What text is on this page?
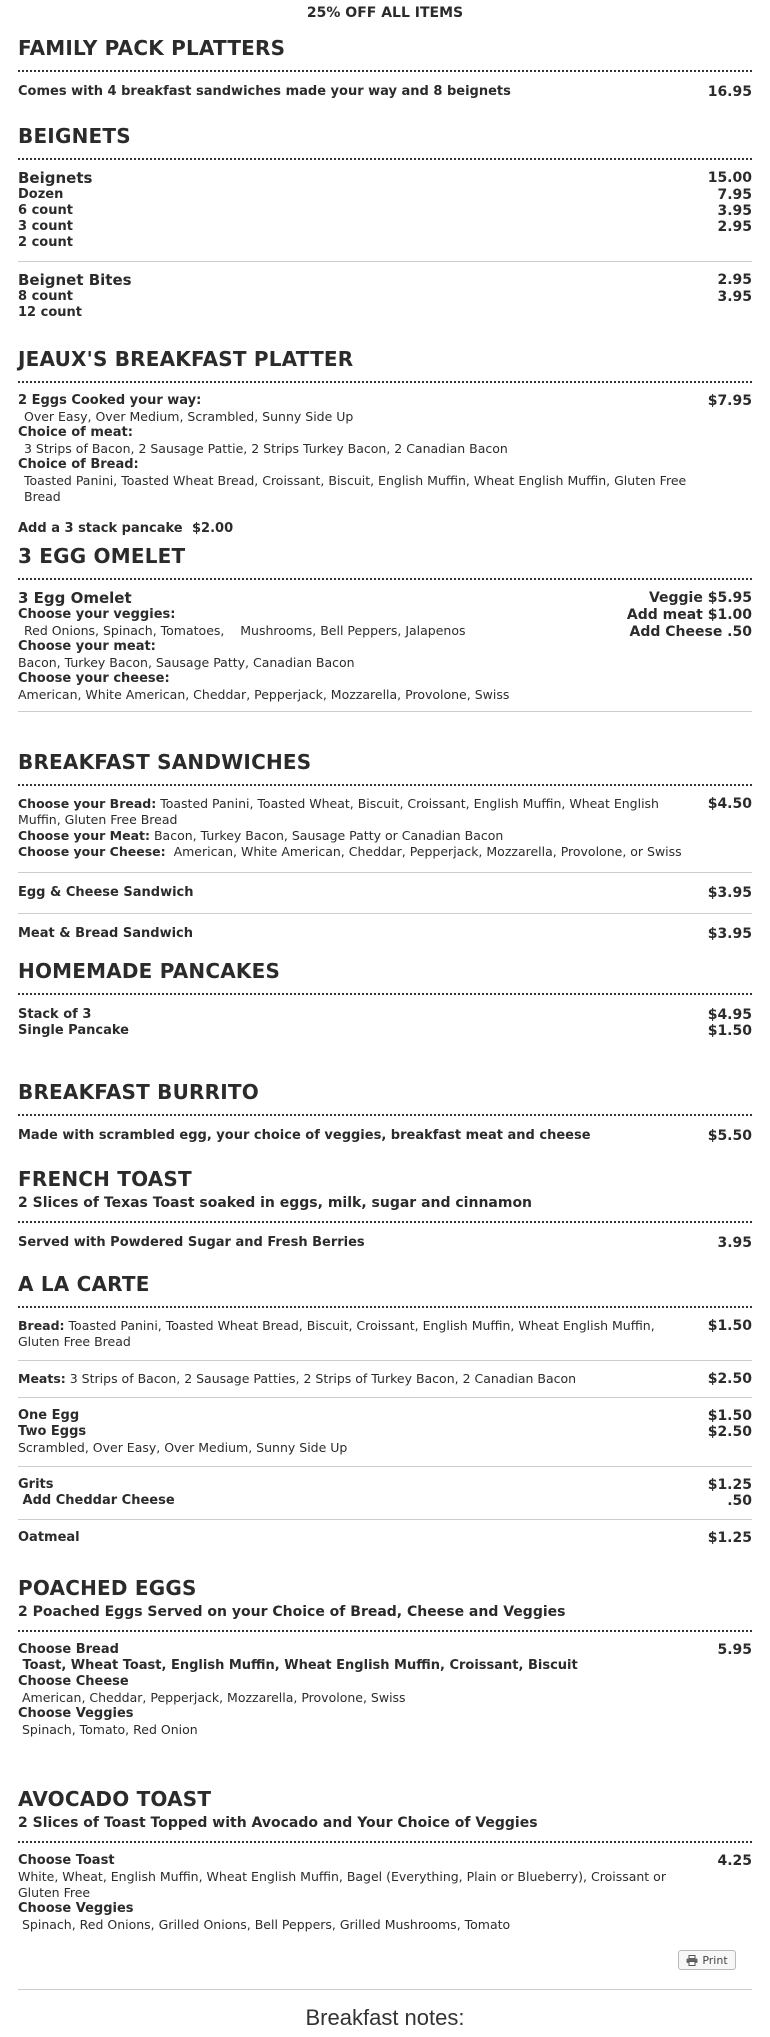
25% OFF ALL ITEMS
FAMILY PACK PLATTERS
Comes with 4 breakfast sandwiches made your way and 8 beignets	16.95
BEIGNETS
Beignets	15.00
Dozen	7.95
6 count	3.95
3 count	2.95
2 count
Beignet Bites	2.95
8 count	3.95
12 count
JEAUX'S BREAKFAST PLATTER
2 Eggs Cooked your way:
Over Easy, Over Medium, Scrambled, Sunny Side Up
Choice of meat:
3 Strips of Bacon, 2 Sausage Pattie, 2 Strips Turkey Bacon, 2 Canadian Bacon
Choice of Bread:
Toasted Panini, Toasted Wheat Bread, Croissant, Biscuit, English Muffin, Wheat English Muffin, Gluten Free Bread
$7.95
Add a 3 stack pancake $2.00
3 EGG OMELET
3 Egg Omelet
Choose your veggies:
Red Onions, Spinach, Tomatoes,    Mushrooms, Bell Peppers, Jalapenos
Choose your meat:
Bacon, Turkey Bacon, Sausage Patty, Canadian Bacon
Choose your cheese:
American, White American, Cheddar, Pepperjack, Mozzarella, Provolone, Swiss
Veggie $5.95
Add meat $1.00
Add Cheese .50
BREAKFAST SANDWICHES
Choose your Bread: Toasted Panini, Toasted Wheat, Biscuit, Croissant, English Muffin, Wheat English Muffin, Gluten Free Bread
Choose your Meat: Bacon, Turkey Bacon, Sausage Patty or Canadian Bacon
Choose your Cheese:  American, White American, Cheddar, Pepperjack, Mozzarella, Provolone, or Swiss
$4.50
Egg & Cheese Sandwich	$3.95
Meat & Bread Sandwich	$3.95
HOMEMADE PANCAKES
Stack of 3	$4.95
Single Pancake	$1.50
BREAKFAST BURRITO
Made with scrambled egg, your choice of veggies, breakfast meat and cheese	$5.50
FRENCH TOAST
2 Slices of Texas Toast soaked in eggs, milk, sugar and cinnamon
Served with Powdered Sugar and Fresh Berries	3.95
A LA CARTE
Bread: Toasted Panini, Toasted Wheat Bread, Biscuit, Croissant, English Muffin, Wheat English Muffin, Gluten Free Bread
$1.50
Meats: 3 Strips of Bacon, 2 Sausage Patties, 2 Strips of Turkey Bacon, 2 Canadian Bacon	$2.50
One Egg	$1.50
Two Eggs	$2.50
Scrambled, Over Easy, Over Medium, Sunny Side Up
Grits	$1.25
Add Cheddar Cheese	.50
Oatmeal	$1.25
POACHED EGGS
2 Poached Eggs Served on your Choice of Bread, Cheese and Veggies
Choose Bread
Toast, Wheat Toast, English Muffin, Wheat English Muffin, Croissant, Biscuit
Choose Cheese
American, Cheddar, Pepperjack, Mozzarella, Provolone, Swiss
Choose Veggies
Spinach, Tomato, Red Onion
5.95
AVOCADO TOAST
2 Slices of Toast Topped with Avocado and Your Choice of Veggies
Choose Toast
White, Wheat, English Muffin, Wheat English Muffin, Bagel (Everything, Plain or Blueberry), Croissant or Gluten Free
Choose Veggies
Spinach, Red Onions, Grilled Onions, Bell Peppers, Grilled Mushrooms, Tomato
4.25
Print
Breakfast notes:
